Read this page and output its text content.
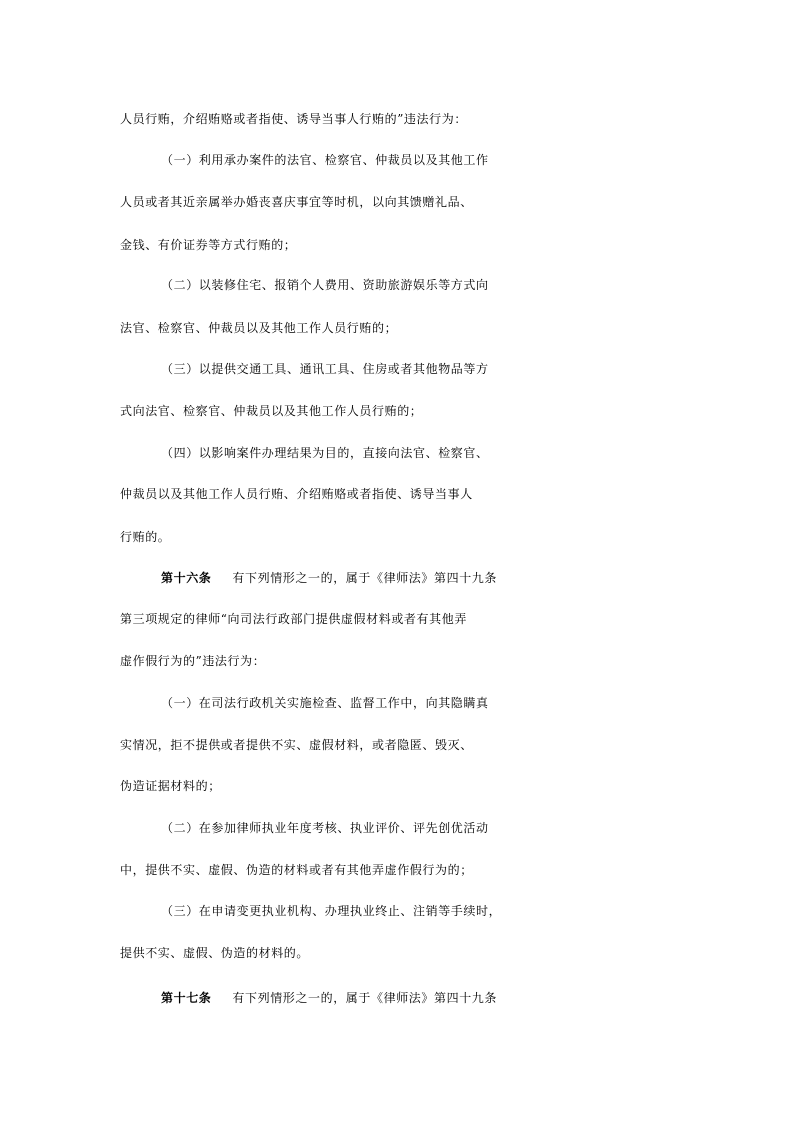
人员行贿，介绍贿赂或者指使、诱导当事人行贿的”违法行为：
（一）利用承办案件的法官、检察官、仲裁员以及其他工作
人员或者其近亲属举办婚丧喜庆事宜等时机，以向其馈赠礼品、
金钱、有价证券等方式行贿的；
（二）以装修住宅、报销个人费用、资助旅游娱乐等方式向
法官、检察官、仲裁员以及其他工作人员行贿的；
（三）以提供交通工具、通讯工具、住房或者其他物品等方
式向法官、检察官、仲裁员以及其他工作人员行贿的；
（四）以影响案件办理结果为目的，直接向法官、检察官、
仲裁员以及其他工作人员行贿、介绍贿赂或者指使、诱导当事人
行贿的。
第十六条 有下列情形之一的，属于《律师法》第四十九条
第三项规定的律师“向司法行政部门提供虚假材料或者有其他弄
虚作假行为的”违法行为：
（一）在司法行政机关实施检查、监督工作中，向其隐瞒真
实情况，拒不提供或者提供不实、虚假材料，或者隐匿、毁灭、
伪造证据材料的；
（二）在参加律师执业年度考核、执业评价、评先创优活动
中，提供不实、虚假、伪造的材料或者有其他弄虚作假行为的；
（三）在申请变更执业机构、办理执业终止、注销等手续时，
提供不实、虚假、伪造的材料的。
第十七条 有下列情形之一的，属于《律师法》第四十九条
